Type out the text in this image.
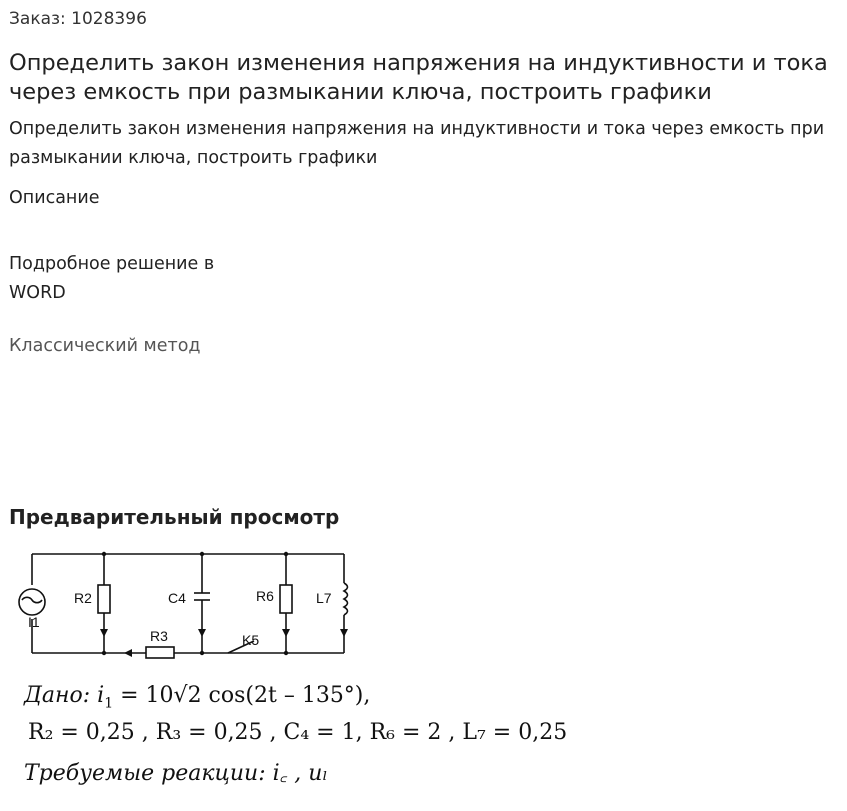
Заказ: 1028396
Определить закон изменения напряжения на индуктивности и тока через емкость при размыкании ключа, построить графики
Определить закон изменения напряжения на индуктивности и тока через емкость при размыкании ключа, построить графики
Описание
Подробное решение в WORD
Классический метод
Предварительный просмотр
I1
R2	C4	R6	L7
R3	K5
Дано: $i_1 = 10√2$ cos(2t – 135°),
R₂ = 0,25 , R₃ = 0,25 , C₄ = 1, R₆ = 2 , L₇ = 0,25
Требуемые реакции: i꜀ , uₗ
